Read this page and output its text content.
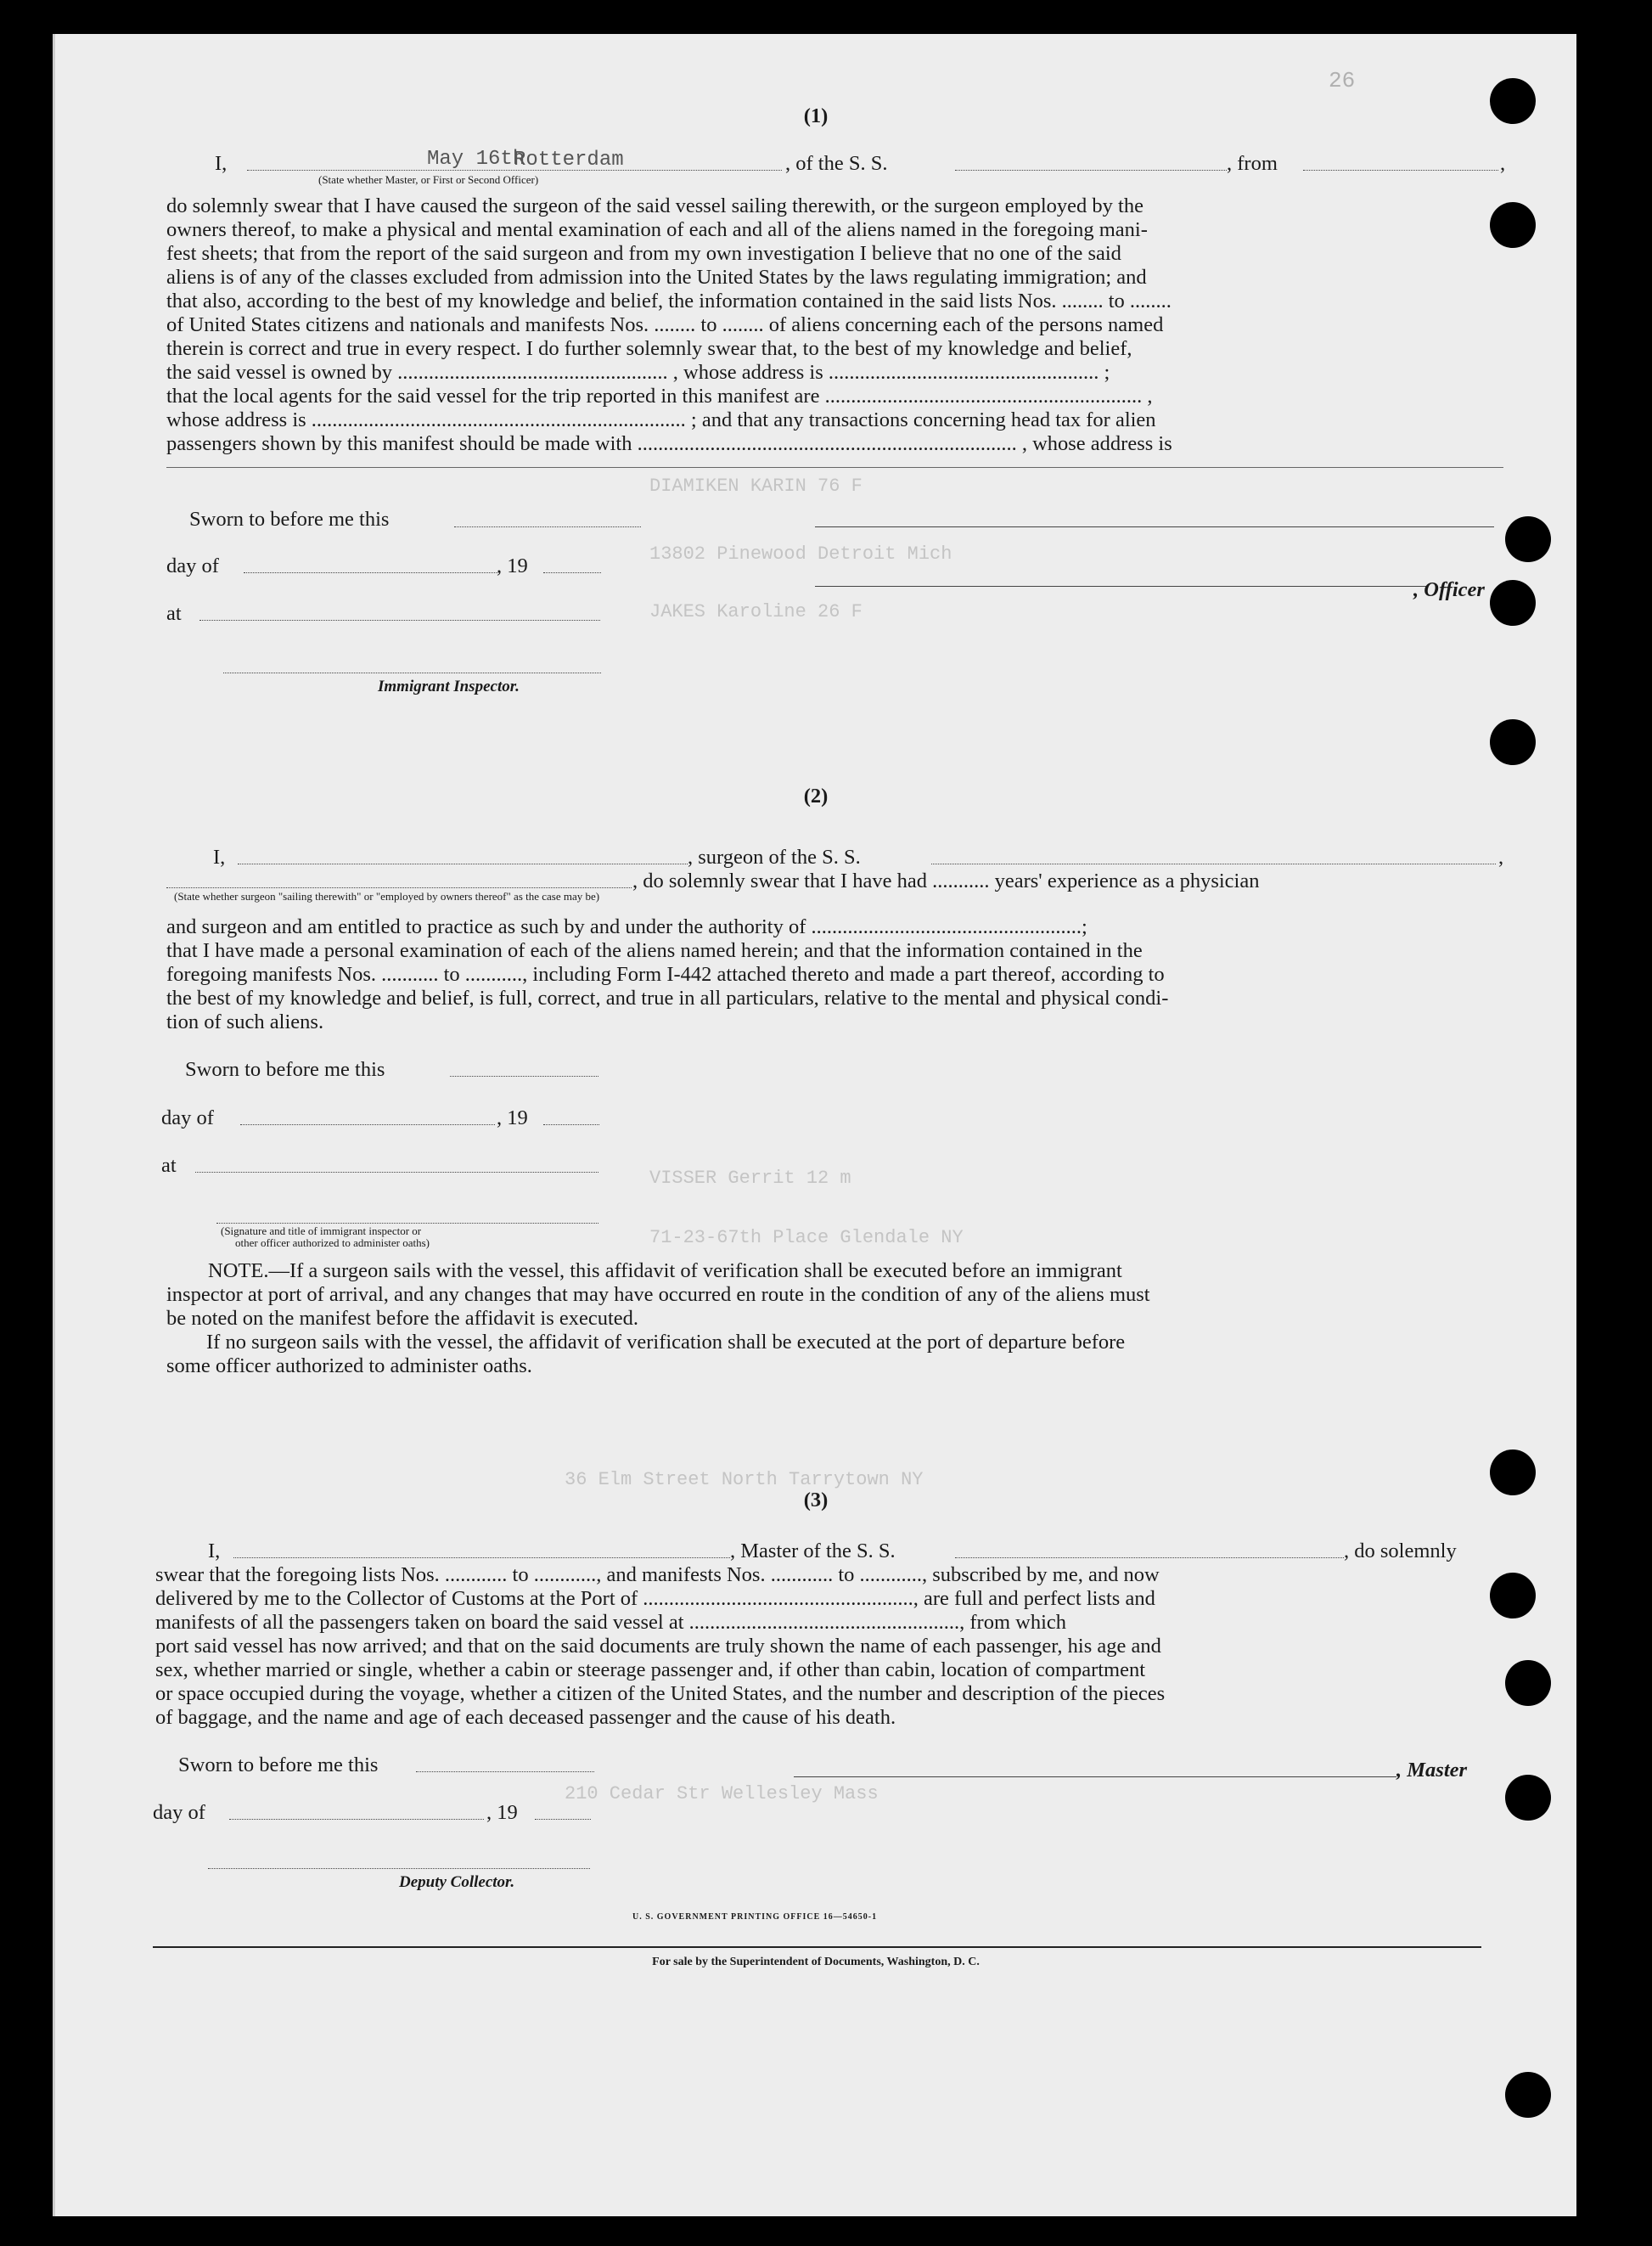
26

(1)
I,	May 16th
Rotterdam	, of the S. S.	, from	,
(State whether Master, or First or Second Officer)
do solemnly swear that I have caused the surgeon of the said vessel sailing therewith, or the surgeon employed by the
owners thereof, to make a physical and mental examination of each and all of the aliens named in the foregoing mani-
fest sheets; that from the report of the said surgeon and from my own investigation I believe that no one of the said
aliens is of any of the classes excluded from admission into the United States by the laws regulating immigration; and
that also, according to the best of my knowledge and belief, the information contained in the said lists Nos. ........ to ........
of United States citizens and nationals and manifests Nos. ........ to ........ of aliens concerning each of the persons named
therein is correct and true in every respect. I do further solemnly swear that, to the best of my knowledge and belief,
the said vessel is owned by .................................................... , whose address is .................................................... ;
that the local agents for the said vessel for the trip reported in this manifest are ............................................................. ,
whose address is ........................................................................ ; and that any transactions concerning head tax for alien
passengers shown by this manifest should be made with ......................................................................... , whose address is
Sworn to before me this
day of	, 19
, Officer
at
Immigrant Inspector.
(2)
I,	, surgeon of the S. S.	,
, do solemnly swear that I have had ........... years' experience as a physician
(State whether surgeon "sailing therewith" or "employed by owners thereof" as the case may be)
and surgeon and am entitled to practice as such by and under the authority of ....................................................;
that I have made a personal examination of each of the aliens named herein; and that the information contained in the
foregoing manifests Nos. ........... to ..........., including Form I-442 attached thereto and made a part thereof, according to
the best of my knowledge and belief, is full, correct, and true in all particulars, relative to the mental and physical condi-
tion of such aliens.
Sworn to before me this
day of	, 19
at
(Signature and title of immigrant inspector or
other officer authorized to administer oaths)
NOTE.—If a surgeon sails with the vessel, this affidavit of verification shall be executed before an immigrant
inspector at port of arrival, and any changes that may have occurred en route in the condition of any of the aliens must
be noted on the manifest before the affidavit is executed.
If no surgeon sails with the vessel, the affidavit of verification shall be executed at the port of departure before
some officer authorized to administer oaths.
(3)
I,	, Master of the S. S.	, do solemnly
swear that the foregoing lists Nos. ............ to ............, and manifests Nos. ............ to ............, subscribed by me, and now
delivered by me to the Collector of Customs at the Port of ...................................................., are full and perfect lists and
manifests of all the passengers taken on board the said vessel at ...................................................., from which
port said vessel has now arrived; and that on the said documents are truly shown the name of each passenger, his age and
sex, whether married or single, whether a cabin or steerage passenger and, if other than cabin, location of compartment
or space occupied during the voyage, whether a citizen of the United States, and the number and description of the pieces
of baggage, and the name and age of each deceased passenger and the cause of his death.
Sworn to before me this	, Master
day of	, 19
Deputy Collector.
U. S. GOVERNMENT PRINTING OFFICE 16—54650-1
For sale by the Superintendent of Documents, Washington, D. C.
DIAMIKEN KARIN 76 F
13802 Pinewood Detroit Mich
JAKES Karoline 26 F
VISSER Gerrit 12 m
71-23-67th Place Glendale NY
36 Elm Street North Tarrytown NY
210 Cedar Str Wellesley Mass
